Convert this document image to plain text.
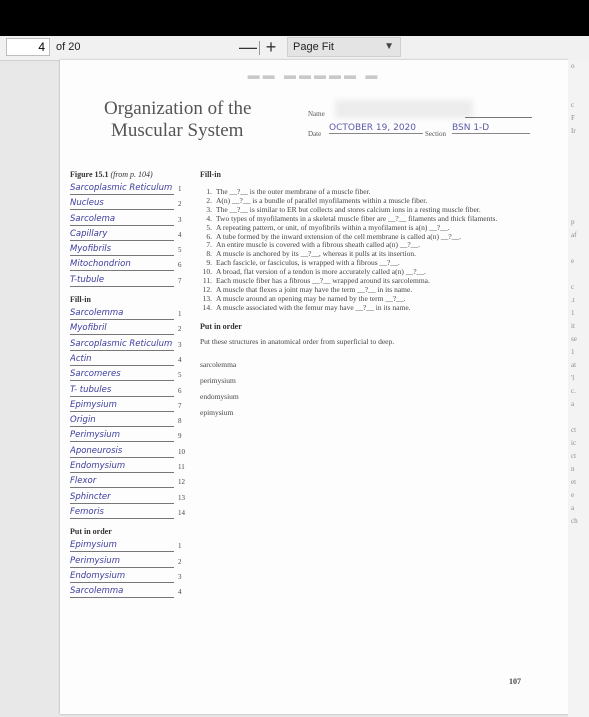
4
of 20	— +	Page Fit	▼
▬▬ ▬▬▬▬▬ ▬
Organization of the
Muscular System
Name
Date
OCTOBER 19, 2020
Section
BSN 1-D
Figure 15.1 (from p. 104)
Sarcoplasmic Reticulum 1
Nucleus	2
Sarcolema	3
Capillary	4
Myofibrils	5
Mitochondrion	6
T-tubule	7
Fill-in
Sarcolemma	1
Myofibril	2
Sarcoplasmic Reticulum 3
Actin	4
Sarcomeres	5
T- tubules	6
Epimysium	7
Origin	8
Perimysium	9
Aponeurosis	10
Endomysium	11
Flexor	12
Sphincter	13
Femoris	14
Put in order
Epimysium	1
Perimysium	2
Endomysium	3
Sarcolemma	4
Fill-in
1. The __?__ is the outer membrane of a muscle fiber.
2. A(n) __?__ is a bundle of parallel myofilaments within a muscle fiber.
3. The __?__ is similar to ER but collects and stores calcium ions in a resting muscle fiber.
4. Two types of myofilaments in a skeletal muscle fiber are __?__ filaments and thick filaments.
5. A repeating pattern, or unit, of myofibrils within a myofilament is a(n) __?__.
6. A tube formed by the inward extension of the cell membrane is called a(n) __?__.
7. An entire muscle is covered with a fibrous sheath called a(n) __?__.
8. A muscle is anchored by its __?__, whereas it pulls at its insertion.
9. Each fascicle, or fasciculus, is wrapped with a fibrous __?__.
10. A broad, flat version of a tendon is more accurately called a(n) __?__.
11. Each muscle fiber has a fibrous __?__ wrapped around its sarcolemma.
12. A muscle that flexes a joint may have the term __?__ in its name.
13. A muscle around an opening may be named by the term __?__.
14. A muscle associated with the femur may have __?__ in its name.
Put in order
Put these structures in anatomical order from superficial to deep.
sarcolemma
perimysium
endomysium
epimysium
107
o

c
F
Ir

p
af

e

c
.t
1
it
se
1
at
'l
c.
a

ct
ic
ct
n
et
e
a
ch
